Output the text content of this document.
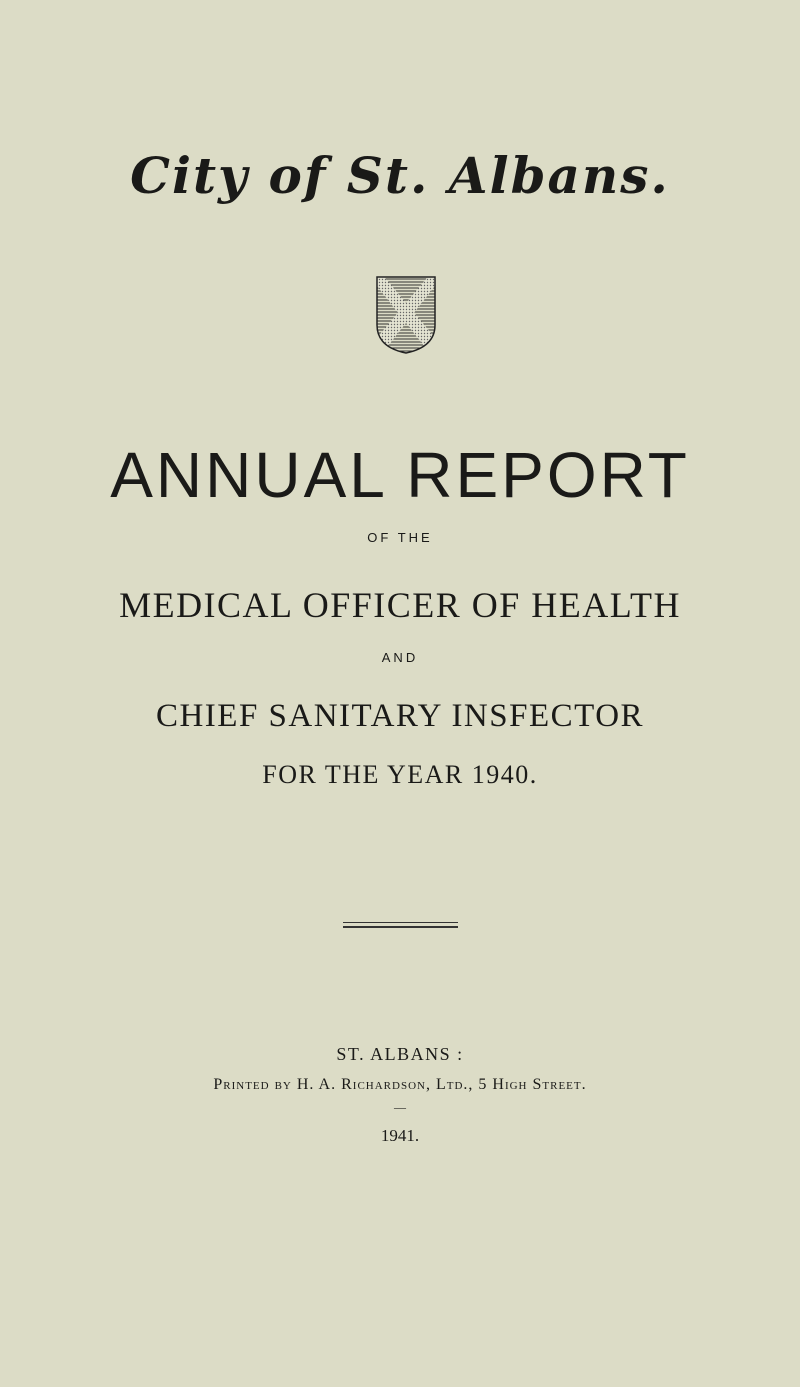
City of St. Albans.
ANNUAL REPORT
OF THE
MEDICAL OFFICER OF HEALTH
AND
CHIEF SANITARY INSFECTOR
FOR THE YEAR 1940.
ST. ALBANS :
Printed by H. A. Richardson, Ltd., 5 High Street.
—
1941.
